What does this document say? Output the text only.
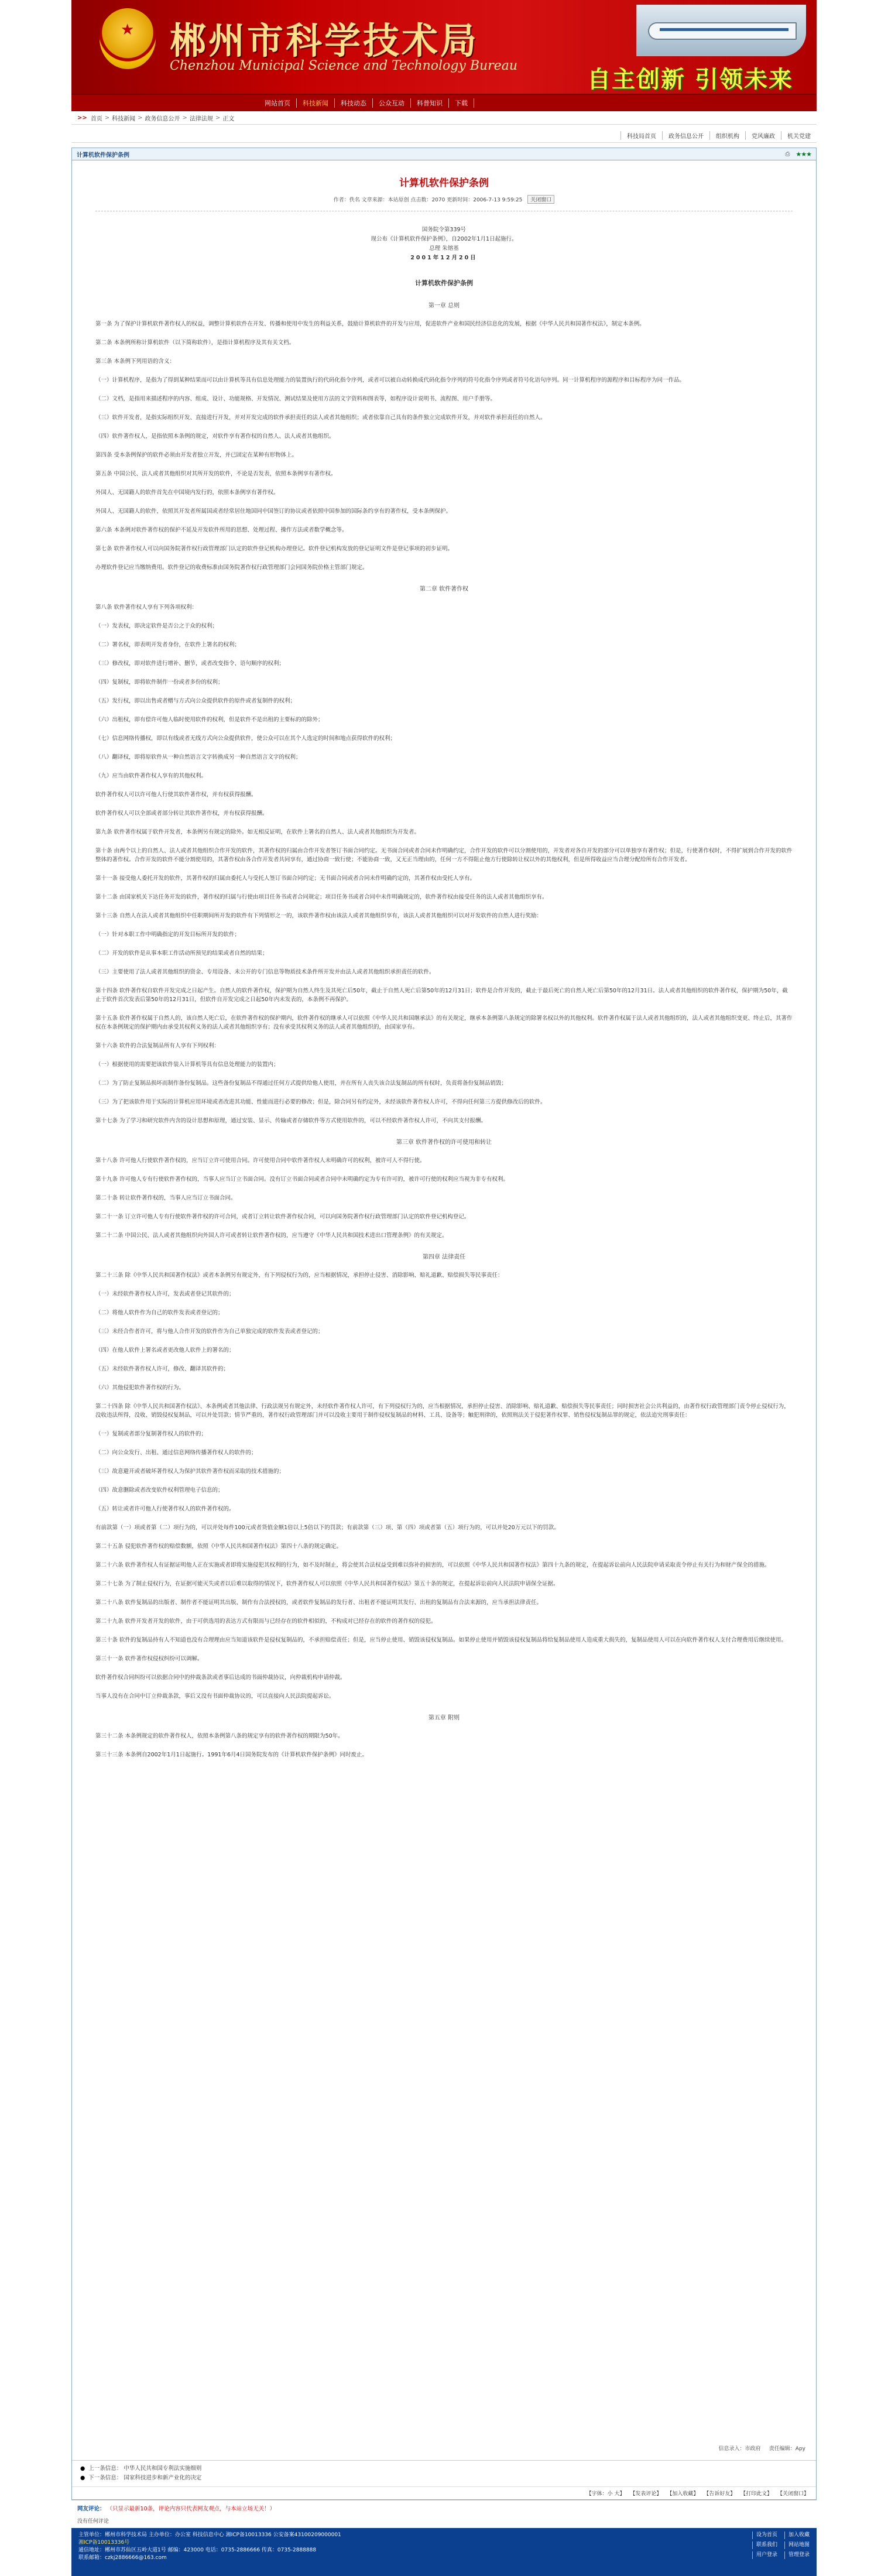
★ 郴州市科学技术局
Chenzhou Municipal Science and Technology Bureau
自主创新 引领未来
网站首页	科技新闻	科技动态	公众互动	科普知识	下载
>> 首页 > 科技新闻 > 政务信息公开 > 法律法规 > 正文
科技局首页	政务信息公开	组织机构	党风廉政	机关党建
计算机软件保护条例	⎙ ★★★
计算机软件保护条例
作者：佚名 文章来源：本站原创 点击数：2070 更新时间：2006-7-13 9:59:25 关闭窗口
国务院令第339号
现公布《计算机软件保护条例》，自2002年1月1日起施行。
总理 朱镕基
2001年12月20日
计算机软件保护条例
第一章 总则
第一条 为了保护计算机软件著作权人的权益，调整计算机软件在开发、传播和使用中发生的利益关系，鼓励计算机软件的开发与应用，促进软件产业和国民经济信息化的发展，根据《中华人民共和国著作权法》，制定本条例。
第二条 本条例所称计算机软件（以下简称软件），是指计算机程序及其有关文档。
第三条 本条例下列用语的含义：
（一）计算机程序，是指为了得到某种结果而可以由计算机等具有信息处理能力的装置执行的代码化指令序列，或者可以被自动转换成代码化指令序列的符号化指令序列或者符号化语句序列。同一计算机程序的源程序和目标程序为同一作品。
（二）文档，是指用来描述程序的内容、组成、设计、功能规格、开发情况、测试结果及使用方法的文字资料和图表等，如程序设计说明书、流程图、用户手册等。
（三）软件开发者，是指实际组织开发、直接进行开发，并对开发完成的软件承担责任的法人或者其他组织；或者依靠自己具有的条件独立完成软件开发，并对软件承担责任的自然人。
（四）软件著作权人，是指依照本条例的规定，对软件享有著作权的自然人、法人或者其他组织。
第四条 受本条例保护的软件必须由开发者独立开发，并已固定在某种有形物体上。
第五条 中国公民、法人或者其他组织对其所开发的软件，不论是否发表，依照本条例享有著作权。
外国人、无国籍人的软件首先在中国境内发行的，依照本条例享有著作权。
外国人、无国籍人的软件，依照其开发者所属国或者经常居住地国同中国签订的协议或者依照中国参加的国际条约享有的著作权，受本条例保护。
第六条 本条例对软件著作权的保护不延及开发软件所用的思想、处理过程、操作方法或者数学概念等。
第七条 软件著作权人可以向国务院著作权行政管理部门认定的软件登记机构办理登记。软件登记机构发放的登记证明文件是登记事项的初步证明。
办理软件登记应当缴纳费用。软件登记的收费标准由国务院著作权行政管理部门会同国务院价格主管部门规定。
第二章 软件著作权
第八条 软件著作权人享有下列各项权利：
（一）发表权，即决定软件是否公之于众的权利；
（二）署名权，即表明开发者身份，在软件上署名的权利；
（三）修改权，即对软件进行增补、删节，或者改变指令、语句顺序的权利；
（四）复制权，即将软件制作一份或者多份的权利；
（五）发行权，即以出售或者赠与方式向公众提供软件的原件或者复制件的权利；
（六）出租权，即有偿许可他人临时使用软件的权利，但是软件不是出租的主要标的的除外；
（七）信息网络传播权，即以有线或者无线方式向公众提供软件，使公众可以在其个人选定的时间和地点获得软件的权利；
（八）翻译权，即将原软件从一种自然语言文字转换成另一种自然语言文字的权利；
（九）应当由软件著作权人享有的其他权利。
软件著作权人可以许可他人行使其软件著作权，并有权获得报酬。
软件著作权人可以全部或者部分转让其软件著作权，并有权获得报酬。
第九条 软件著作权属于软件开发者，本条例另有规定的除外。如无相反证明，在软件上署名的自然人、法人或者其他组织为开发者。
第十条 由两个以上的自然人、法人或者其他组织合作开发的软件，其著作权的归属由合作开发者签订书面合同约定。无书面合同或者合同未作明确约定，合作开发的软件可以分割使用的，开发者对各自开发的部分可以单独享有著作权；但是，行使著作权时，不得扩展到合作开发的软件整体的著作权。合作开发的软件不能分割使用的，其著作权由各合作开发者共同享有，通过协商一致行使；不能协商一致，又无正当理由的，任何一方不得阻止他方行使除转让权以外的其他权利，但是所得收益应当合理分配给所有合作开发者。
第十一条 接受他人委托开发的软件，其著作权的归属由委托人与受托人签订书面合同约定；无书面合同或者合同未作明确约定的，其著作权由受托人享有。
第十二条 由国家机关下达任务开发的软件，著作权的归属与行使由项目任务书或者合同规定；项目任务书或者合同中未作明确规定的，软件著作权由接受任务的法人或者其他组织享有。
第十三条 自然人在法人或者其他组织中任职期间所开发的软件有下列情形之一的，该软件著作权由该法人或者其他组织享有，该法人或者其他组织可以对开发软件的自然人进行奖励：
（一）针对本职工作中明确指定的开发目标所开发的软件；
（二）开发的软件是从事本职工作活动所预见的结果或者自然的结果；
（三）主要使用了法人或者其他组织的资金、专用设备、未公开的专门信息等物质技术条件所开发并由法人或者其他组织承担责任的软件。
第十四条 软件著作权自软件开发完成之日起产生。自然人的软件著作权，保护期为自然人终生及其死亡后50年，截止于自然人死亡后第50年的12月31日；软件是合作开发的，截止于最后死亡的自然人死亡后第50年的12月31日。法人或者其他组织的软件著作权，保护期为50年，截止于软件首次发表后第50年的12月31日，但软件自开发完成之日起50年内未发表的，本条例不再保护。
第十五条 软件著作权属于自然人的，该自然人死亡后，在软件著作权的保护期内，软件著作权的继承人可以依照《中华人民共和国继承法》的有关规定，继承本条例第八条规定的除署名权以外的其他权利。软件著作权属于法人或者其他组织的，法人或者其他组织变更、终止后，其著作权在本条例规定的保护期内由承受其权利义务的法人或者其他组织享有；没有承受其权利义务的法人或者其他组织的，由国家享有。
第十六条 软件的合法复制品所有人享有下列权利：
（一）根据使用的需要把该软件装入计算机等具有信息处理能力的装置内；
（二）为了防止复制品损坏而制作备份复制品。这些备份复制品不得通过任何方式提供给他人使用，并在所有人丧失该合法复制品的所有权时，负责将备份复制品销毁；
（三）为了把该软件用于实际的计算机应用环境或者改进其功能、性能而进行必要的修改；但是，除合同另有约定外，未经该软件著作权人许可，不得向任何第三方提供修改后的软件。
第十七条 为了学习和研究软件内含的设计思想和原理，通过安装、显示、传输或者存储软件等方式使用软件的，可以不经软件著作权人许可，不向其支付报酬。
第三章 软件著作权的许可使用和转让
第十八条 许可他人行使软件著作权的，应当订立许可使用合同。许可使用合同中软件著作权人未明确许可的权利，被许可人不得行使。
第十九条 许可他人专有行使软件著作权的，当事人应当订立书面合同。没有订立书面合同或者合同中未明确约定为专有许可的，被许可行使的权利应当视为非专有权利。
第二十条 转让软件著作权的，当事人应当订立书面合同。
第二十一条 订立许可他人专有行使软件著作权的许可合同，或者订立转让软件著作权合同，可以向国务院著作权行政管理部门认定的软件登记机构登记。
第二十二条 中国公民、法人或者其他组织向外国人许可或者转让软件著作权的，应当遵守《中华人民共和国技术进出口管理条例》的有关规定。
第四章 法律责任
第二十三条 除《中华人民共和国著作权法》或者本条例另有规定外，有下列侵权行为的，应当根据情况，承担停止侵害、消除影响、赔礼道歉、赔偿损失等民事责任：
（一）未经软件著作权人许可，发表或者登记其软件的；
（二）将他人软件作为自己的软件发表或者登记的；
（三）未经合作者许可，将与他人合作开发的软件作为自己单独完成的软件发表或者登记的；
（四）在他人软件上署名或者更改他人软件上的署名的；
（五）未经软件著作权人许可，修改、翻译其软件的；
（六）其他侵犯软件著作权的行为。
第二十四条 除《中华人民共和国著作权法》、本条例或者其他法律、行政法规另有规定外，未经软件著作权人许可，有下列侵权行为的，应当根据情况，承担停止侵害、消除影响、赔礼道歉、赔偿损失等民事责任；同时损害社会公共利益的，由著作权行政管理部门责令停止侵权行为，没收违法所得，没收、销毁侵权复制品，可以并处罚款；情节严重的，著作权行政管理部门并可以没收主要用于制作侵权复制品的材料、工具、设备等；触犯刑律的，依照刑法关于侵犯著作权罪、销售侵权复制品罪的规定，依法追究刑事责任：
（一）复制或者部分复制著作权人的软件的；
（二）向公众发行、出租、通过信息网络传播著作权人的软件的；
（三）故意避开或者破坏著作权人为保护其软件著作权而采取的技术措施的；
（四）故意删除或者改变软件权利管理电子信息的；
（五）转让或者许可他人行使著作权人的软件著作权的。
有前款第（一）项或者第（二）项行为的，可以并处每件100元或者货值金额1倍以上5倍以下的罚款；有前款第（三）项、第（四）项或者第（五）项行为的，可以并处20万元以下的罚款。
第二十五条 侵犯软件著作权的赔偿数额，依照《中华人民共和国著作权法》第四十八条的规定确定。
第二十六条 软件著作权人有证据证明他人正在实施或者即将实施侵犯其权利的行为，如不及时制止，将会使其合法权益受到难以弥补的损害的，可以依照《中华人民共和国著作权法》第四十九条的规定，在提起诉讼前向人民法院申请采取责令停止有关行为和财产保全的措施。
第二十七条 为了制止侵权行为，在证据可能灭失或者以后难以取得的情况下，软件著作权人可以依照《中华人民共和国著作权法》第五十条的规定，在提起诉讼前向人民法院申请保全证据。
第二十八条 软件复制品的出版者、制作者不能证明其出版、制作有合法授权的，或者软件复制品的发行者、出租者不能证明其发行、出租的复制品有合法来源的，应当承担法律责任。
第二十九条 软件开发者开发的软件，由于可供选用的表达方式有限而与已经存在的软件相似的，不构成对已经存在的软件的著作权的侵犯。
第三十条 软件的复制品持有人不知道也没有合理理由应当知道该软件是侵权复制品的，不承担赔偿责任；但是，应当停止使用、销毁该侵权复制品。如果停止使用并销毁该侵权复制品将给复制品使用人造成重大损失的，复制品使用人可以在向软件著作权人支付合理费用后继续使用。
第三十一条 软件著作权侵权纠纷可以调解。
软件著作权合同纠纷可以依据合同中的仲裁条款或者事后达成的书面仲裁协议，向仲裁机构申请仲裁。
当事人没有在合同中订立仲裁条款，事后又没有书面仲裁协议的，可以直接向人民法院提起诉讼。
第五章 附则
第三十二条 本条例规定的软件著作权人，依照本条例第八条的规定享有的软件著作权的期限为50年。
第三十三条 本条例自2002年1月1日起施行。1991年6月4日国务院发布的《计算机软件保护条例》同时废止。
信息录入：市政府 责任编辑：Apy
● 上一条信息： 中华人民共和国专利法实施细则
● 下一条信息： 国家科技进步和新产业化的决定
【字体：小 大】 【发表评论】 【加入收藏】 【告诉好友】 【打印此文】 【关闭窗口】
网友评论： （只显示最新10条，评论内容只代表网友观点，与本站立场无关！）
没有任何评论
主管单位：郴州市科学技术局 主办单位：办公室 科技信息中心 湘ICP备10013336 公安备案43100209000001
湘ICP备10013336号
通信地址：郴州市苏仙区五岭大道1号 邮编：423000 电话：0735-2886666 传真：0735-2888888
联系邮箱：czkj2886666@163.com
设为首页	加入收藏
联系我们	网站地图
用户登录	管理登录
